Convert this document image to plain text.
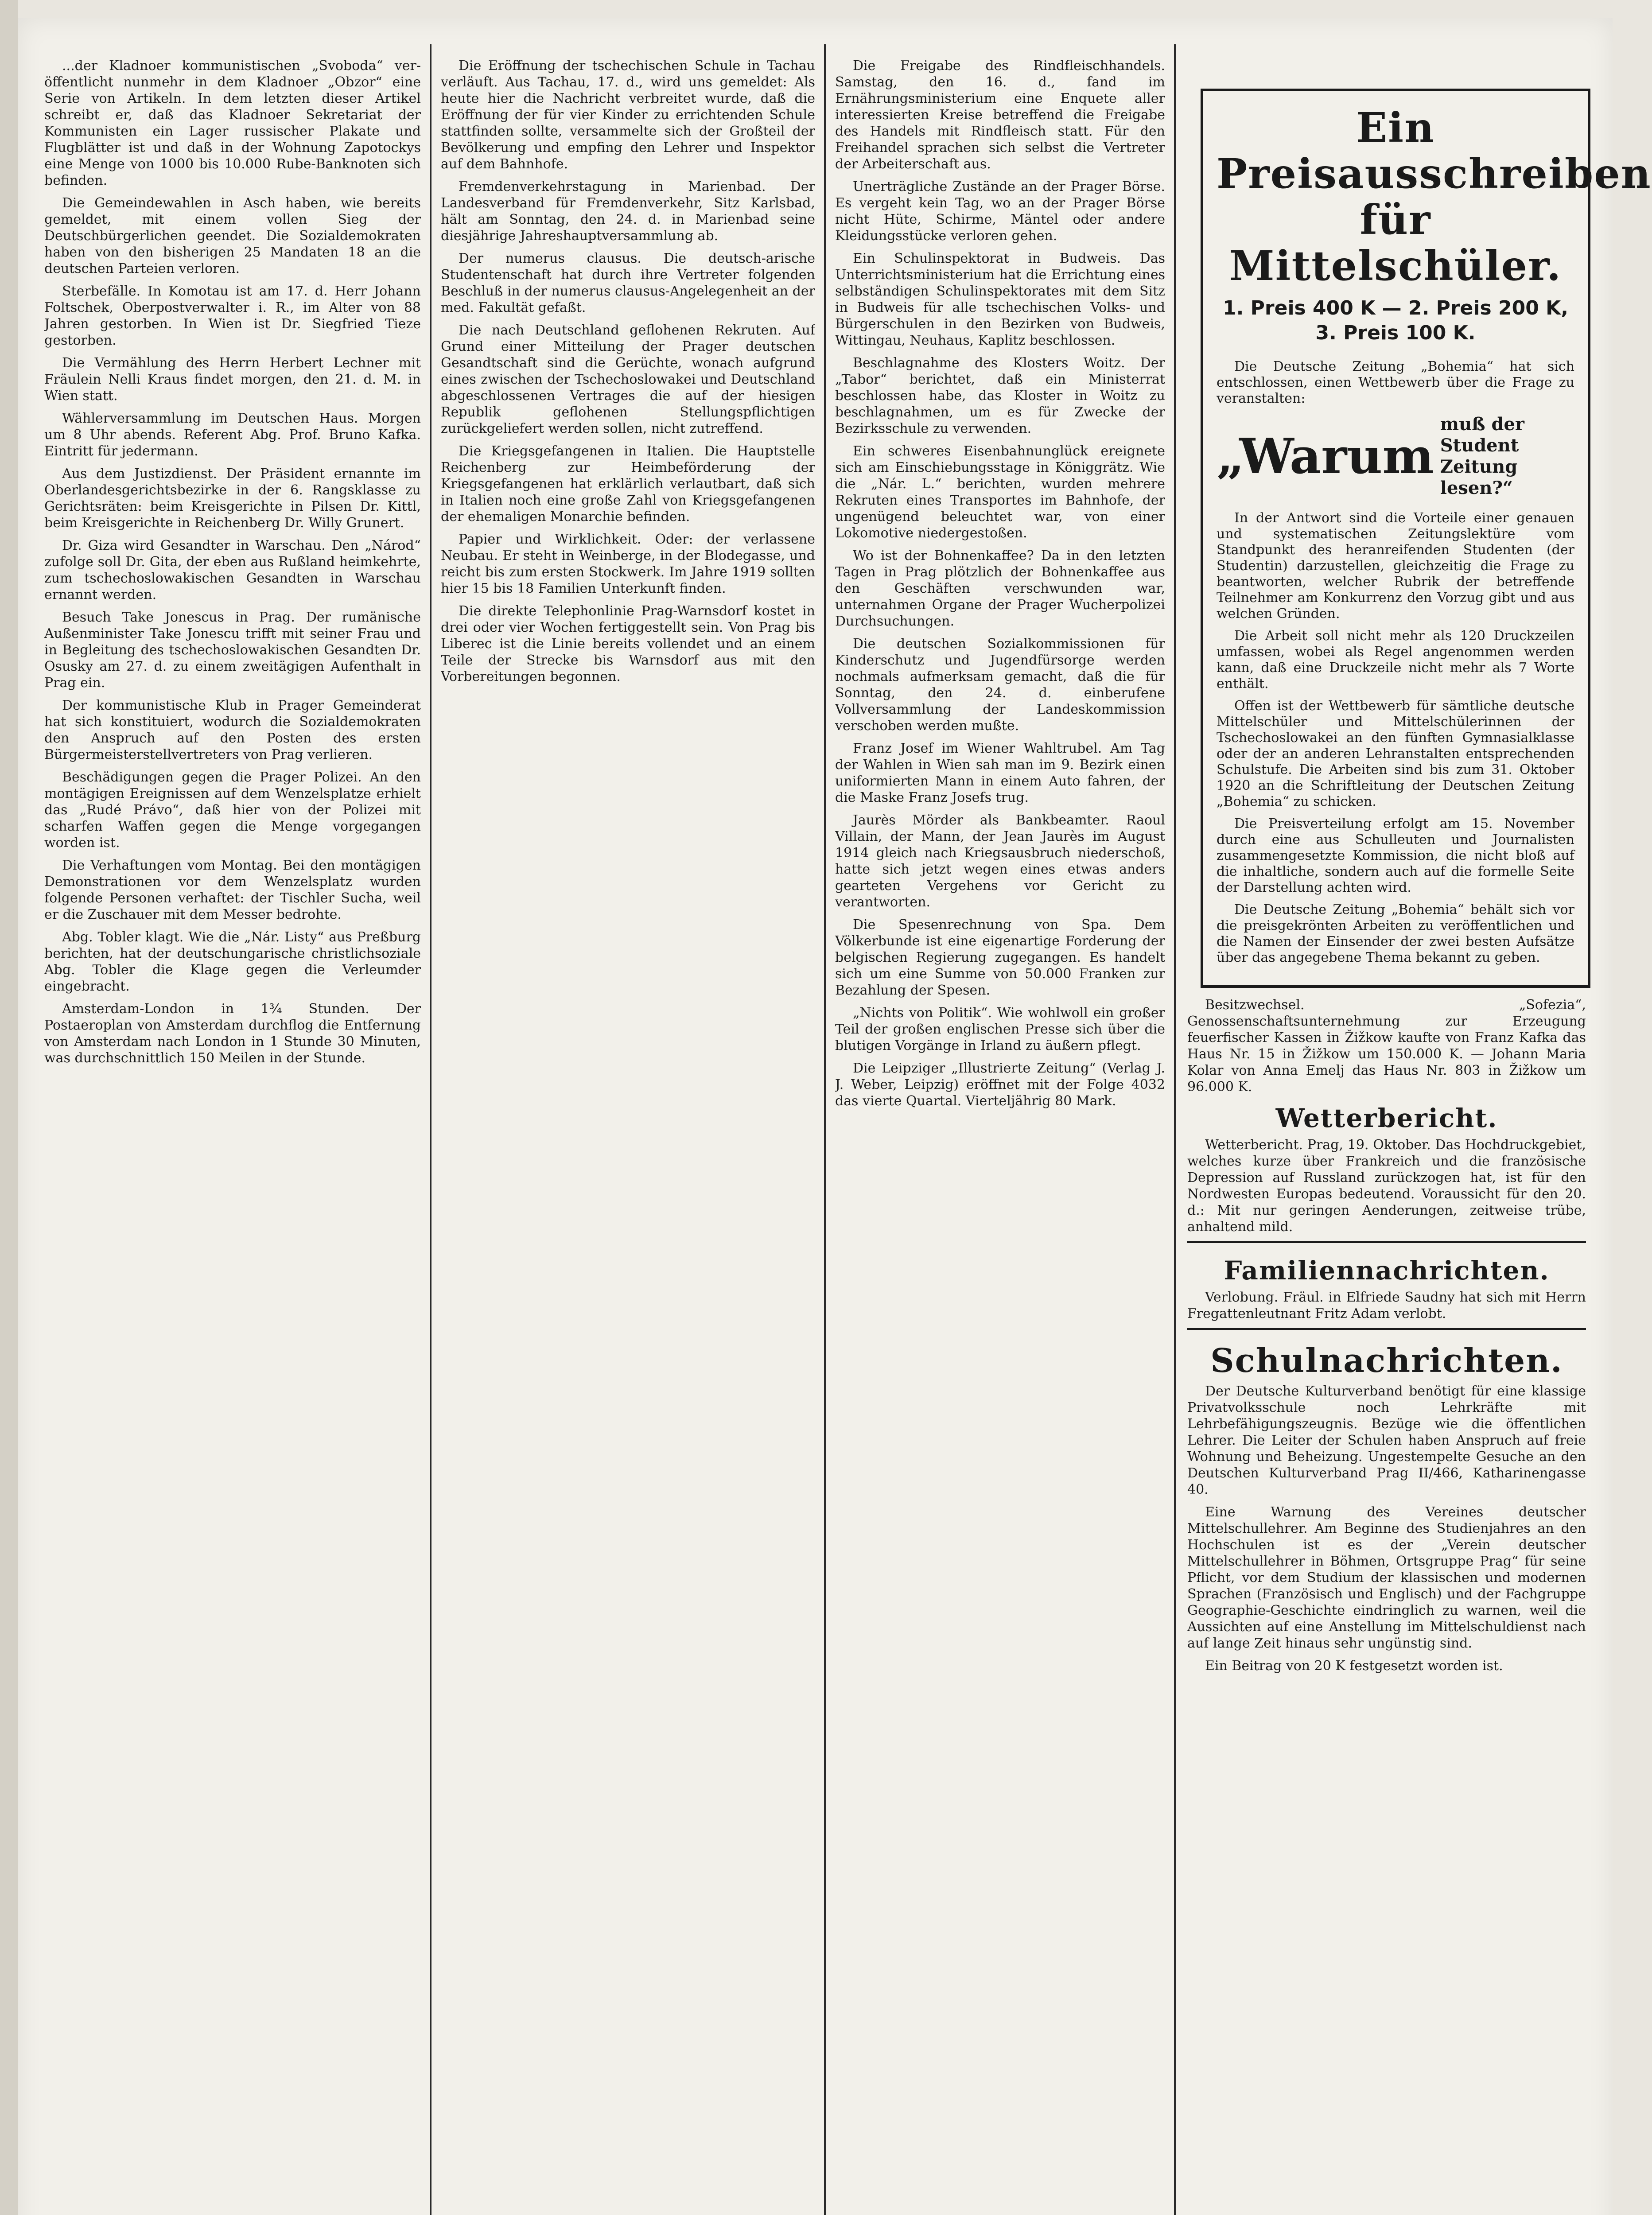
...der Kladnoer kommunistischen „Svoboda“ ver-öffentlicht nunmehr in dem Kladnoer „Obzor“ eine Serie von Artikeln. In dem letzten dieser Artikel schreibt er, daß das Kladnoer Sekretariat der Kommunisten ein Lager russischer Plakate und Flugblätter ist und daß in der Wohnung Zapotockys eine Menge von 1000 bis 10.000 Rube-Banknoten sich befinden.

Die Gemeindewahlen in Asch haben, wie bereits gemeldet, mit einem vollen Sieg der Deutschbürgerlichen geendet. Die Sozialdemokraten haben von den bisherigen 25 Mandaten 18 an die deutschen Parteien verloren.

Sterbefälle. In Komotau ist am 17. d. Herr Johann Foltschek, Oberpostverwalter i. R., im Alter von 88 Jahren gestorben. In Wien ist Dr. Siegfried Tieze gestorben.

Die Vermählung des Herrn Herbert Lechner mit Fräulein Nelli Kraus findet morgen, den 21. d. M. in Wien statt.

Wählerversammlung im Deutschen Haus. Morgen um 8 Uhr abends. Referent Abg. Prof. Bruno Kafka. Eintritt für jedermann.

Aus dem Justizdienst. Der Präsident ernannte im Oberlandesgerichtsbezirke in der 6. Rangsklasse zu Gerichtsräten: beim Kreisgerichte in Pilsen Dr. Kittl, beim Kreisgerichte in Reichenberg Dr. Willy Grunert.

Dr. Giza wird Gesandter in Warschau. Den „Národ“ zufolge soll Dr. Gita, der eben aus Rußland heimkehrte, zum tschechoslowakischen Gesandten in Warschau ernannt werden.

Besuch Take Jonescus in Prag. Der rumänische Außenminister Take Jonescu trifft mit seiner Frau und in Begleitung des tschechoslowakischen Gesandten Dr. Osusky am 27. d. zu einem zweitägigen Aufenthalt in Prag ein.

Der kommunistische Klub in Prager Gemeinderat hat sich konstituiert, wodurch die Sozialdemokraten den Anspruch auf den Posten des ersten Bürgermeisterstellvertreters von Prag verlieren.

Beschädigungen gegen die Prager Polizei. An den montägigen Ereignissen auf dem Wenzelsplatze erhielt das „Rudé Právo“, daß hier von der Polizei mit scharfen Waffen gegen die Menge vorgegangen worden ist.

Die Verhaftungen vom Montag. Bei den montägigen Demonstrationen vor dem Wenzelsplatz wurden folgende Personen verhaftet: der Tischler Sucha, weil er die Zuschauer mit dem Messer bedrohte.

Abg. Tobler klagt. Wie die „Nár. Listy“ aus Preßburg berichten, hat der deutschungarische christlichsoziale Abg. Tobler die Klage gegen die Verleumder eingebracht.

Amsterdam-London in 1¾ Stunden. Der Postaeroplan von Amsterdam durchflog die Entfernung von Amsterdam nach London in 1 Stunde 30 Minuten, was durchschnittlich 150 Meilen in der Stunde.

Die Eröffnung der tschechischen Schule in Tachau verläuft. Aus Tachau, 17. d., wird uns gemeldet: Als heute hier die Nachricht verbreitet wurde, daß die Eröffnung der für vier Kinder zu errichtenden Schule stattfinden sollte, versammelte sich der Großteil der Bevölkerung und empfing den Lehrer und Inspektor auf dem Bahnhofe.

Fremdenverkehrstagung in Marienbad. Der Landesverband für Fremdenverkehr, Sitz Karlsbad, hält am Sonntag, den 24. d. in Marienbad seine diesjährige Jahreshauptversammlung ab.

Der numerus clausus. Die deutsch-arische Studentenschaft hat durch ihre Vertreter folgenden Beschluß in der numerus clausus-Angelegenheit an der med. Fakultät gefaßt.

Die nach Deutschland geflohenen Rekruten. Auf Grund einer Mitteilung der Prager deutschen Gesandtschaft sind die Gerüchte, wonach aufgrund eines zwischen der Tschechoslowakei und Deutschland abgeschlossenen Vertrages die auf der hiesigen Republik geflohenen Stellungspflichtigen zurückgeliefert werden sollen, nicht zutreffend.

Die Kriegsgefangenen in Italien. Die Hauptstelle Reichenberg zur Heimbeförderung der Kriegsgefangenen hat erklärlich verlautbart, daß sich in Italien noch eine große Zahl von Kriegsgefangenen der ehemaligen Monarchie befinden.

Papier und Wirklichkeit. Oder: der verlassene Neubau. Er steht in Weinberge, in der Blodegasse, und reicht bis zum ersten Stockwerk. Im Jahre 1919 sollten hier 15 bis 18 Familien Unterkunft finden.

Die direkte Telephonlinie Prag-Warnsdorf kostet in drei oder vier Wochen fertiggestellt sein. Von Prag bis Liberec ist die Linie bereits vollendet und an einem Teile der Strecke bis Warnsdorf aus mit den Vorbereitungen begonnen.

Die Freigabe des Rindfleischhandels. Samstag, den 16. d., fand im Ernährungsministerium eine Enquete aller interessierten Kreise betreffend die Freigabe des Handels mit Rindfleisch statt. Für den Freihandel sprachen sich selbst die Vertreter der Arbeiterschaft aus.

Unerträgliche Zustände an der Prager Börse. Es vergeht kein Tag, wo an der Prager Börse nicht Hüte, Schirme, Mäntel oder andere Kleidungsstücke verloren gehen.

Ein Schulinspektorat in Budweis. Das Unterrichtsministerium hat die Errichtung eines selbständigen Schulinspektorates mit dem Sitz in Budweis für alle tschechischen Volks- und Bürgerschulen in den Bezirken von Budweis, Wittingau, Neuhaus, Kaplitz beschlossen.

Beschlagnahme des Klosters Woitz. Der „Tabor“ berichtet, daß ein Ministerrat beschlossen habe, das Kloster in Woitz zu beschlagnahmen, um es für Zwecke der Bezirksschule zu verwenden.

Ein schweres Eisenbahnunglück ereignete sich am Einschiebungsstage in Königgrätz. Wie die „Nár. L.“ berichten, wurden mehrere Rekruten eines Transportes im Bahnhofe, der ungenügend beleuchtet war, von einer Lokomotive niedergestoßen.

Wo ist der Bohnenkaffee? Da in den letzten Tagen in Prag plötzlich der Bohnenkaffee aus den Geschäften verschwunden war, unternahmen Organe der Prager Wucherpolizei Durchsuchungen.

Die deutschen Sozialkommissionen für Kinderschutz und Jugendfürsorge werden nochmals aufmerksam gemacht, daß die für Sonntag, den 24. d. einberufene Vollversammlung der Landeskommission verschoben werden mußte.

Franz Josef im Wiener Wahltrubel. Am Tag der Wahlen in Wien sah man im 9. Bezirk einen uniformierten Mann in einem Auto fahren, der die Maske Franz Josefs trug.

Jaurès Mörder als Bankbeamter. Raoul Villain, der Mann, der Jean Jaurès im August 1914 gleich nach Kriegsausbruch niederschoß, hatte sich jetzt wegen eines etwas anders gearteten Vergehens vor Gericht zu verantworten.

Die Spesenrechnung von Spa. Dem Völkerbunde ist eine eigenartige Forderung der belgischen Regierung zugegangen. Es handelt sich um eine Summe von 50.000 Franken zur Bezahlung der Spesen.

„Nichts von Politik“. Wie wohlwoll ein großer Teil der großen englischen Presse sich über die blutigen Vorgänge in Irland zu äußern pflegt.

Die Leipziger „Illustrierte Zeitung“ (Verlag J. J. Weber, Leipzig) eröffnet mit der Folge 4032 das vierte Quartal. Vierteljährig 80 Mark.

Ein Preisausschreiben
für Mittelschüler.
1. Preis 400 K — 2. Preis 200 K,
3. Preis 100 K.

Die Deutsche Zeitung „Bohemia“ hat sich entschlossen, einen Wettbewerb über die Frage zu veranstalten:

„Warum
muß der Student
Zeitung lesen?“

In der Antwort sind die Vorteile einer genauen und systematischen Zeitungslektüre vom Standpunkt des heranreifenden Studenten (der Studentin) darzustellen, gleichzeitig die Frage zu beantworten, welcher Rubrik der betreffende Teilnehmer am Konkurrenz den Vorzug gibt und aus welchen Gründen.

Die Arbeit soll nicht mehr als 120 Druckzeilen umfassen, wobei als Regel angenommen werden kann, daß eine Druckzeile nicht mehr als 7 Worte enthält.

Offen ist der Wettbewerb für sämtliche deutsche Mittelschüler und Mittelschülerinnen der Tschechoslowakei an den fünften Gymnasialklasse oder der an anderen Lehranstalten entsprechenden Schulstufe. Die Arbeiten sind bis zum 31. Oktober 1920 an die Schriftleitung der Deutschen Zeitung „Bohemia“ zu schicken.

Die Preisverteilung erfolgt am 15. November durch eine aus Schulleuten und Journalisten zusammengesetzte Kommission, die nicht bloß auf die inhaltliche, sondern auch auf die formelle Seite der Darstellung achten wird.

Die Deutsche Zeitung „Bohemia“ behält sich vor die preisgekrönten Arbeiten zu veröffentlichen und die Namen der Einsender der zwei besten Aufsätze über das angegebene Thema bekannt zu geben.

Besitzwechsel. „Sofezia“, Genossenschaftsunternehmung zur Erzeugung feuerfischer Kassen in Žižkow kaufte von Franz Kafka das Haus Nr. 15 in Žižkow um 150.000 K. — Johann Maria Kolar von Anna Emelj das Haus Nr. 803 in Žižkow um 96.000 K.

Wetterbericht.

Wetterbericht. Prag, 19. Oktober. Das Hochdruckgebiet, welches kurze über Frankreich und die französische Depression auf Russland zurückzogen hat, ist für den Nordwesten Europas bedeutend. Voraussicht für den 20. d.: Mit nur geringen Aenderungen, zeitweise trübe, anhaltend mild.

Familiennachrichten.

Verlobung. Fräul. in Elfriede Saudny hat sich mit Herrn Fregattenleutnant Fritz Adam verlobt.

Schulnachrichten.

Der Deutsche Kulturverband benötigt für eine klassige Privatvolksschule noch Lehrkräfte mit Lehrbefähigungszeugnis. Bezüge wie die öffentlichen Lehrer. Die Leiter der Schulen haben Anspruch auf freie Wohnung und Beheizung. Ungestempelte Gesuche an den Deutschen Kulturverband Prag II/466, Katharinengasse 40.

Eine Warnung des Vereines deutscher Mittelschullehrer. Am Beginne des Studienjahres an den Hochschulen ist es der „Verein deutscher Mittelschullehrer in Böhmen, Ortsgruppe Prag“ für seine Pflicht, vor dem Studium der klassischen und modernen Sprachen (Französisch und Englisch) und der Fachgruppe Geographie-Geschichte eindringlich zu warnen, weil die Aussichten auf eine Anstellung im Mittelschuldienst nach auf lange Zeit hinaus sehr ungünstig sind.

Ein Beitrag von 20 K festgesetzt worden ist.
